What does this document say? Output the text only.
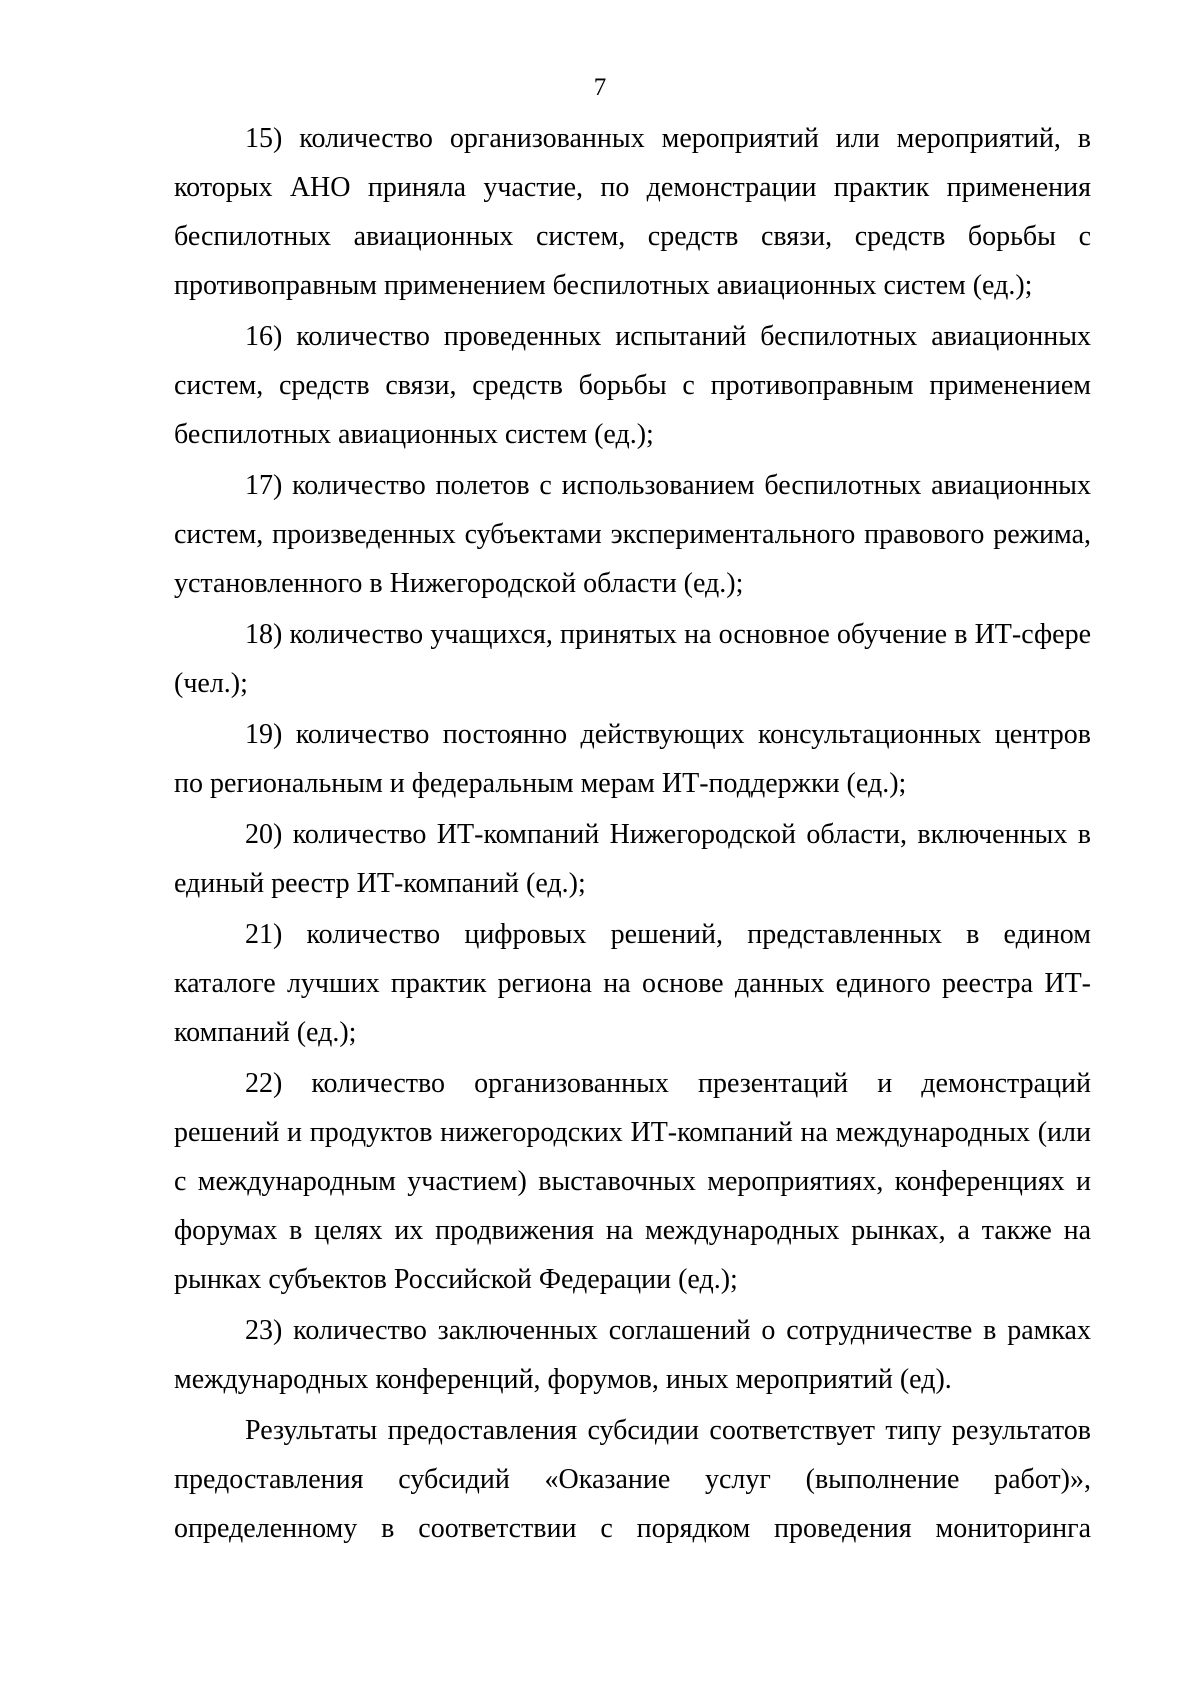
7

15) количество организованных мероприятий или мероприятий, в которых АНО приняла участие, по демонстрации практик применения беспилотных авиационных систем, средств связи, средств борьбы с противоправным применением беспилотных авиационных систем (ед.);

16) количество проведенных испытаний беспилотных авиационных систем, средств связи, средств борьбы с противоправным применением беспилотных авиационных систем (ед.);

17) количество полетов с использованием беспилотных авиационных систем, произведенных субъектами экспериментального правового режима, установленного в Нижегородской области (ед.);

18) количество учащихся, принятых на основное обучение в ИТ-сфере (чел.);

19) количество постоянно действующих консультационных центров по региональным и федеральным мерам ИТ-поддержки (ед.);

20) количество ИТ-компаний Нижегородской области, включенных в единый реестр ИТ-компаний (ед.);

21) количество цифровых решений, представленных в едином каталоге лучших практик региона на основе данных единого реестра ИТ-компаний (ед.);

22) количество организованных презентаций и демонстраций решений и продуктов нижегородских ИТ-компаний на международных (или с международным участием) выставочных мероприятиях, конференциях и форумах в целях их продвижения на международных рынках, а также на рынках субъектов Российской Федерации (ед.);

23) количество заключенных соглашений о сотрудничестве в рамках международных конференций, форумов, иных мероприятий (ед).

Результаты предоставления субсидии соответствует типу результатов предоставления субсидий «Оказание услуг (выполнение работ)», определенному в соответствии с порядком проведения мониторинга
